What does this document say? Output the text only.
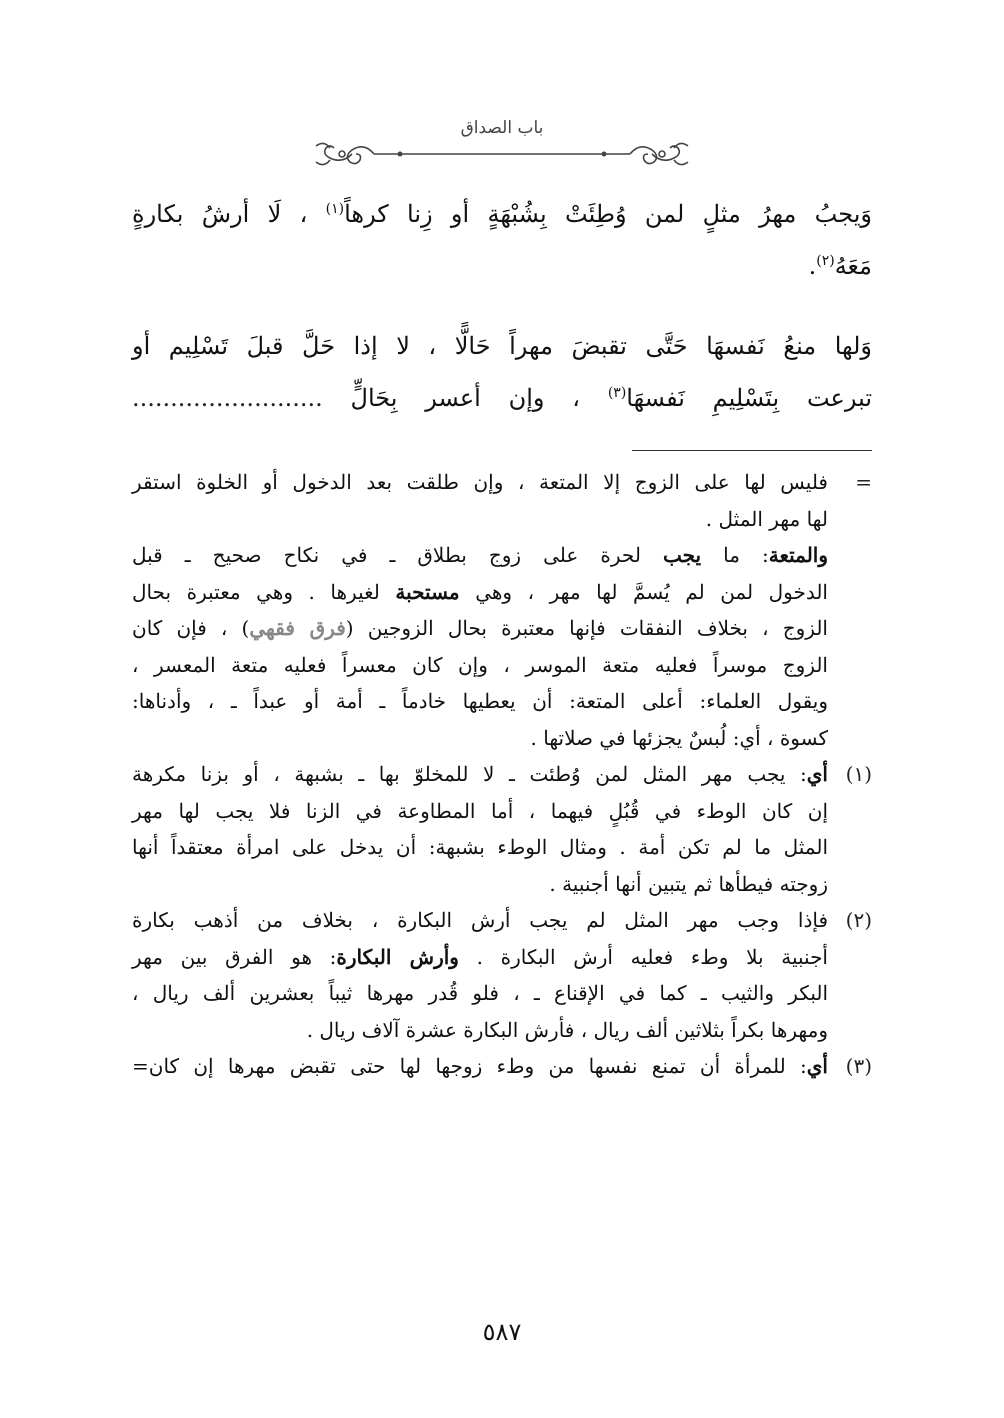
باب الصداق
وَيجبُ مهرُ مثلٍ لمن وُطِئَتْ بِشُبْهَةٍ أو زِنا كرهاً$^{(١)}$ ، لَا أرشُ بكارةٍ
مَعَهُ$^{(٢)}$.
وَلها منعُ نَفسهَا حَتَّى تقبضَ مهراً حَالًّا ، لا إذا حَلَّ قبلَ تَسْلِيم أو
تبرعت بِتَسْلِيمِ نَفسهَا$^{(٣)}$ ، وإن أعسر بِحَالٍّ .........................
=
فليس لها على الزوج إلا المتعة ، وإن طلقت بعد الدخول أو الخلوة استقر
لها مهر المثل .
والمتعة: ما يجب لحرة على زوج بطلاق ـ في نكاح صحيح ـ قبل
الدخول لمن لم يُسمَّ لها مهر ، وهي مستحبة لغيرها . وهي معتبرة بحال
الزوج ، بخلاف النفقات فإنها معتبرة بحال الزوجين (فرق فقهي) ، فإن كان
الزوج موسراً فعليه متعة الموسر ، وإن كان معسراً فعليه متعة المعسر ،
ويقول العلماء: أعلى المتعة: أن يعطيها خادماً ـ أمة أو عبداً ـ ، وأدناها:
كسوة ، أي: لُبسٌ يجزئها في صلاتها .
(١)
أي: يجب مهر المثل لمن وُطئت ـ لا للمخلوّ بها ـ بشبهة ، أو بزنا مكرهة
إن كان الوطء في قُبُلٍ فيهما ، أما المطاوعة في الزنا فلا يجب لها مهر
المثل ما لم تكن أمة . ومثال الوطء بشبهة: أن يدخل على امرأة معتقداً أنها
زوجته فيطأها ثم يتبين أنها أجنبية .
(٢)
فإذا وجب مهر المثل لم يجب أرش البكارة ، بخلاف من أذهب بكارة
أجنبية بلا وطء فعليه أرش البكارة . وأرش البكارة: هو الفرق بين مهر
البكر والثيب ـ كما في الإقناع ـ ، فلو قُدر مهرها ثيباً بعشرين ألف ريال ،
ومهرها بكراً بثلاثين ألف ريال ، فأرش البكارة عشرة آلاف ريال .
(٣)
أي: للمرأة أن تمنع نفسها من وطء زوجها لها حتى تقبض مهرها إن كان=
٥٨٧
